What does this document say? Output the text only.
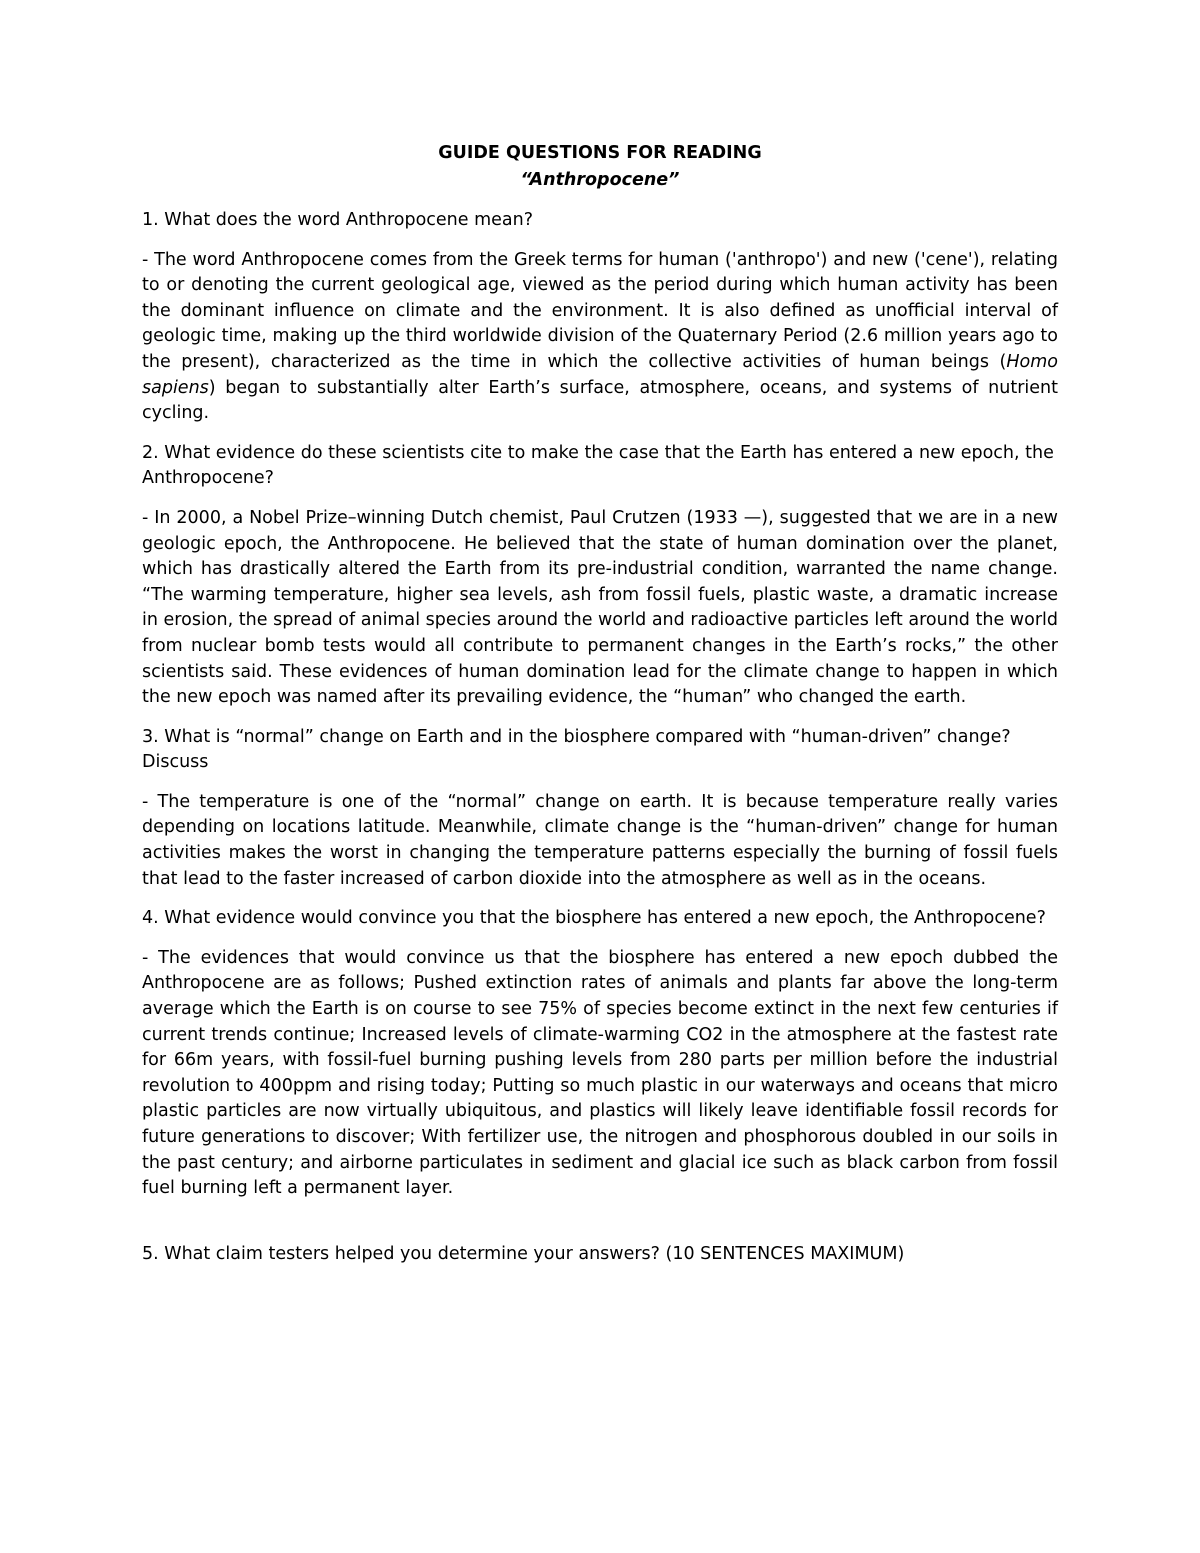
GUIDE QUESTIONS FOR READING

“Anthropocene”

1. What does the word Anthropocene mean?

- The word Anthropocene comes from the Greek terms for human ('anthropo') and new ('cene'), relating to or denoting the current geological age, viewed as the period during which human activity has been the dominant influence on climate and the environment. It is also defined as unofficial interval of geologic time, making up the third worldwide division of the Quaternary Period (2.6 million years ago to the present), characterized as the time in which the collective activities of human beings (Homo sapiens) began to substantially alter Earth’s surface, atmosphere, oceans, and systems of nutrient cycling.

2. What evidence do these scientists cite to make the case that the Earth has entered a new epoch, the Anthropocene?

- In 2000, a Nobel Prize–winning Dutch chemist, Paul Crutzen (1933 —), suggested that we are in a new geologic epoch, the Anthropocene. He believed that the state of human domination over the planet, which has drastically altered the Earth from its pre-industrial condition, warranted the name change. “The warming temperature, higher sea levels, ash from fossil fuels, plastic waste, a dramatic increase in erosion, the spread of animal species around the world and radioactive particles left around the world from nuclear bomb tests would all contribute to permanent changes in the Earth’s rocks,” the other scientists said. These evidences of human domination lead for the climate change to happen in which the new epoch was named after its prevailing evidence, the “human” who changed the earth.

3. What is “normal” change on Earth and in the biosphere compared with “human-driven” change? Discuss

- The temperature is one of the “normal” change on earth. It is because temperature really varies depending on locations latitude. Meanwhile, climate change is the “human-driven” change for human activities makes the worst in changing the temperature patterns especially the burning of fossil fuels that lead to the faster increased of carbon dioxide into the atmosphere as well as in the oceans.

4. What evidence would convince you that the biosphere has entered a new epoch, the Anthropocene?

- The evidences that would convince us that the biosphere has entered a new epoch dubbed the Anthropocene are as follows; Pushed extinction rates of animals and plants far above the long-term average which the Earth is on course to see 75% of species become extinct in the next few centuries if current trends continue; Increased levels of climate-warming CO2 in the atmosphere at the fastest rate for 66m years, with fossil-fuel burning pushing levels from 280 parts per million before the industrial revolution to 400ppm and rising today; Putting so much plastic in our waterways and oceans that micro plastic particles are now virtually ubiquitous, and plastics will likely leave identifiable fossil records for future generations to discover; With fertilizer use, the nitrogen and phosphorous doubled in our soils in the past century; and airborne particulates in sediment and glacial ice such as black carbon from fossil fuel burning left a permanent layer.

5. What claim testers helped you determine your answers? (10 SENTENCES MAXIMUM)
